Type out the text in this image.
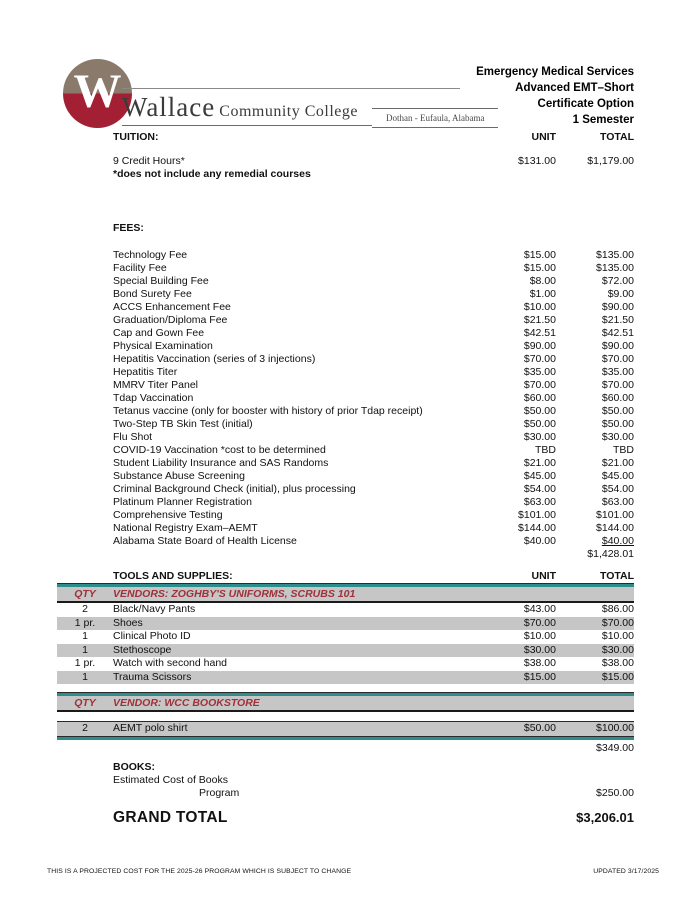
W Wallace Community College	Dothan - Eufaula, Alabama
Emergency Medical Services
Advanced EMT–Short
Certificate Option
1 Semester
TUITION:	UNIT	TOTAL
9 Credit Hours*	$131.00	$1,179.00
*does not include any remedial courses
FEES:
Technology Fee	$15.00	$135.00
Facility Fee	$15.00	$135.00
Special Building Fee	$8.00	$72.00
Bond Surety Fee	$1.00	$9.00
ACCS Enhancement Fee	$10.00	$90.00
Graduation/Diploma Fee	$21.50	$21.50
Cap and Gown Fee	$42.51	$42.51
Physical Examination	$90.00	$90.00
Hepatitis Vaccination (series of 3 injections)	$70.00	$70.00
Hepatitis Titer	$35.00	$35.00
MMRV Titer Panel	$70.00	$70.00
Tdap Vaccination	$60.00	$60.00
Tetanus vaccine (only for booster with history of prior Tdap receipt)	$50.00	$50.00
Two-Step TB Skin Test (initial)	$50.00	$50.00
Flu Shot	$30.00	$30.00
COVID-19 Vaccination *cost to be determined	TBD	TBD
Student Liability Insurance and SAS Randoms	$21.00	$21.00
Substance Abuse Screening	$45.00	$45.00
Criminal Background Check (initial), plus processing	$54.00	$54.00
Platinum Planner Registration	$63.00	$63.00
Comprehensive Testing	$101.00	$101.00
National Registry Exam–AEMT	$144.00	$144.00
Alabama State Board of Health License	$40.00	$40.00
$1,428.01
TOOLS AND SUPPLIES:	UNIT	TOTAL
QTY	VENDORS: ZOGHBY'S UNIFORMS, SCRUBS 101
2	Black/Navy Pants	$43.00	$86.00
1 pr.	Shoes	$70.00	$70.00
1	Clinical Photo ID	$10.00	$10.00
1	Stethoscope	$30.00	$30.00
1 pr.	Watch with second hand	$38.00	$38.00
1	Trauma Scissors	$15.00	$15.00
QTY	VENDOR: WCC BOOKSTORE
2	AEMT polo shirt	$50.00	$100.00
$349.00
BOOKS:
Estimated Cost of Books
Program	$250.00
GRAND TOTAL	$3,206.01
THIS IS A PROJECTED COST FOR THE 2025-26 PROGRAM WHICH IS SUBJECT TO CHANGE	UPDATED 3/17/2025
